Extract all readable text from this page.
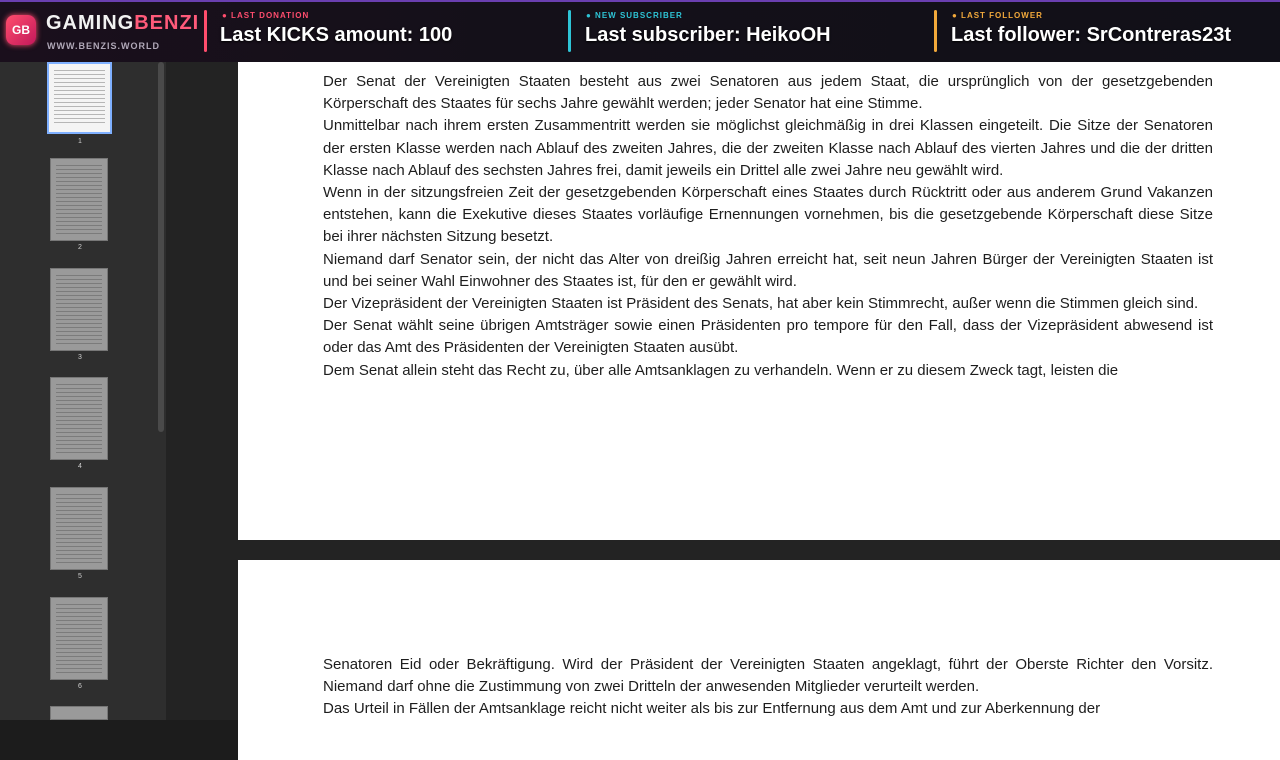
GB GAMINGBENZI
WWW.BENZIS.WORLD
● LAST DONATION
Last KICKS amount: 100
● NEW SUBSCRIBER
Last subscriber: HeikoOH
● LAST FOLLOWER
Last follower: SrContreras23t
1
2
3
4
5
6

Der Senat der Vereinigten Staaten besteht aus zwei Senatoren aus jedem Staat, die ursprünglich von der gesetzgebenden Körperschaft des Staates für sechs Jahre gewählt werden; jeder Senator hat eine Stimme.

Unmittelbar nach ihrem ersten Zusammentritt werden sie möglichst gleichmäßig in drei Klassen eingeteilt. Die Sitze der Senatoren der ersten Klasse werden nach Ablauf des zweiten Jahres, die der zweiten Klasse nach Ablauf des vierten Jahres und die der dritten Klasse nach Ablauf des sechsten Jahres frei, damit jeweils ein Drittel alle zwei Jahre neu gewählt wird.

Wenn in der sitzungsfreien Zeit der gesetzgebenden Körperschaft eines Staates durch Rücktritt oder aus anderem Grund Vakanzen entstehen, kann die Exekutive dieses Staates vorläufige Ernennungen vornehmen, bis die gesetzgebende Körperschaft diese Sitze bei ihrer nächsten Sitzung besetzt.

Niemand darf Senator sein, der nicht das Alter von dreißig Jahren erreicht hat, seit neun Jahren Bürger der Vereinigten Staaten ist und bei seiner Wahl Einwohner des Staates ist, für den er gewählt wird.

Der Vizepräsident der Vereinigten Staaten ist Präsident des Senats, hat aber kein Stimmrecht, außer wenn die Stimmen gleich sind.

Der Senat wählt seine übrigen Amtsträger sowie einen Präsidenten pro tempore für den Fall, dass der Vizepräsident abwesend ist oder das Amt des Präsidenten der Vereinigten Staaten ausübt.

Dem Senat allein steht das Recht zu, über alle Amtsanklagen zu verhandeln. Wenn er zu diesem Zweck tagt, leisten die

Senatoren Eid oder Bekräftigung. Wird der Präsident der Vereinigten Staaten angeklagt, führt der Oberste Richter den Vorsitz. Niemand darf ohne die Zustimmung von zwei Dritteln der anwesenden Mitglieder verurteilt werden.

Das Urteil in Fällen der Amtsanklage reicht nicht weiter als bis zur Entfernung aus dem Amt und zur Aberkennung der
